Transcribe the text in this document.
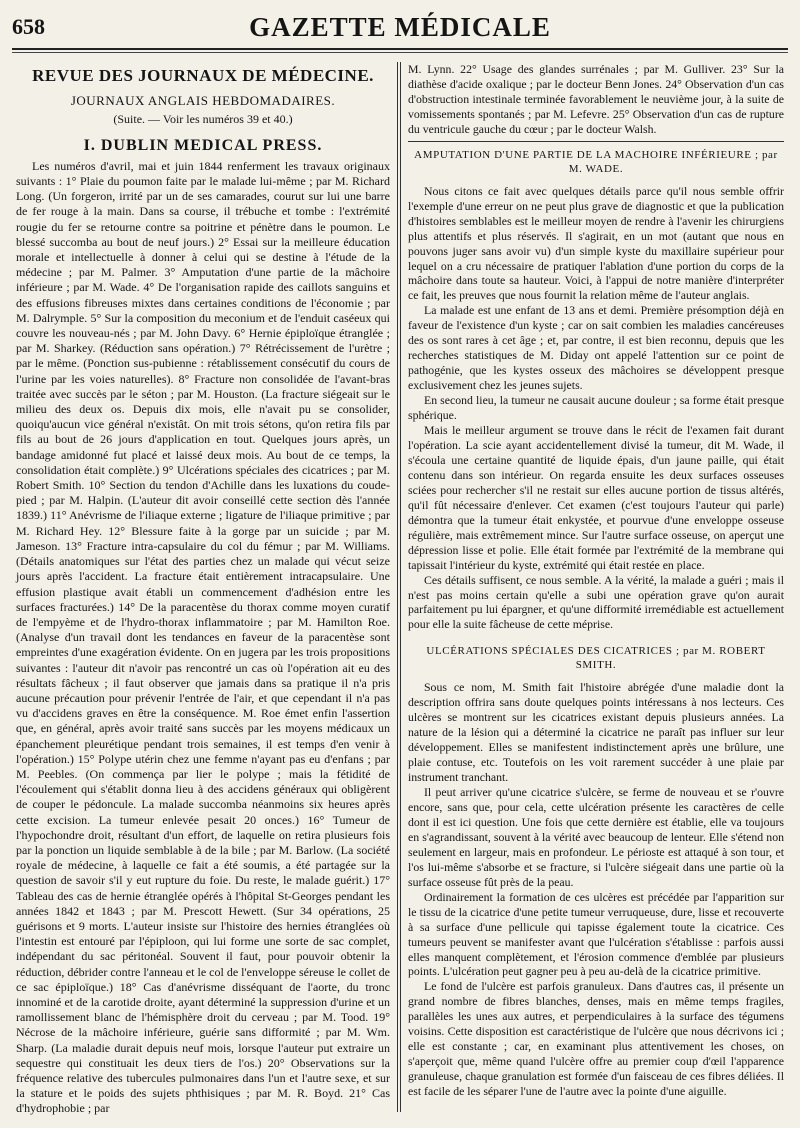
658	GAZETTE MÉDICALE
REVUE DES JOURNAUX DE MÉDECINE.
JOURNAUX ANGLAIS HEBDOMADAIRES.
(Suite. — Voir les numéros 39 et 40.)
I. DUBLIN MEDICAL PRESS.

Les numéros d'avril, mai et juin 1844 renferment les travaux originaux suivants : 1° Plaie du poumon faite par le malade lui-même ; par M. Richard Long. (Un forgeron, irrité par un de ses camarades, courut sur lui une barre de fer rouge à la main. Dans sa course, il trébuche et tombe : l'extrémité rougie du fer se retourne contre sa poitrine et pénètre dans le poumon. Le blessé succomba au bout de neuf jours.) 2° Essai sur la meilleure éducation morale et intellectuelle à donner à celui qui se destine à l'étude de la médecine ; par M. Palmer. 3° Amputation d'une partie de la mâchoire inférieure ; par M. Wade. 4° De l'organisation rapide des caillots sanguins et des effusions fibreuses mixtes dans certaines conditions de l'économie ; par M. Dalrymple. 5° Sur la composition du meconium et de l'enduit caséeux qui couvre les nouveau-nés ; par M. John Davy. 6° Hernie épiploïque étranglée ; par M. Sharkey. (Réduction sans opération.) 7° Rétrécissement de l'urètre ; par le même. (Ponction sus-pubienne : rétablissement consécutif du cours de l'urine par les voies naturelles). 8° Fracture non consolidée de l'avant-bras traitée avec succès par le séton ; par M. Houston. (La fracture siégeait sur le milieu des deux os. Depuis dix mois, elle n'avait pu se consolider, quoiqu'aucun vice général n'existât. On mit trois sétons, qu'on retira fils par fils au bout de 26 jours d'application en tout. Quelques jours après, un bandage amidonné fut placé et laissé deux mois. Au bout de ce temps, la consolidation était complète.) 9° Ulcérations spéciales des cicatrices ; par M. Robert Smith. 10° Section du tendon d'Achille dans les luxations du coude-pied ; par M. Halpin. (L'auteur dit avoir conseillé cette section dès l'année 1839.) 11° Anévrisme de l'iliaque externe ; ligature de l'iliaque primitive ; par M. Richard Hey. 12° Blessure faite à la gorge par un suicide ; par M. Jameson. 13° Fracture intra-capsulaire du col du fémur ; par M. Williams. (Détails anatomiques sur l'état des parties chez un malade qui vécut seize jours après l'accident. La fracture était entièrement intracapsulaire. Une effusion plastique avait établi un commencement d'adhésion entre les surfaces fracturées.) 14° De la paracentèse du thorax comme moyen curatif de l'empyème et de l'hydro-thorax inflammatoire ; par M. Hamilton Roe. (Analyse d'un travail dont les tendances en faveur de la paracentèse sont empreintes d'une exagération évidente. On en jugera par les trois propositions suivantes : l'auteur dit n'avoir pas rencontré un cas où l'opération ait eu des résultats fâcheux ; il faut observer que jamais dans sa pratique il n'a pris aucune précaution pour prévenir l'entrée de l'air, et que cependant il n'a pas vu d'accidens graves en être la conséquence. M. Roe émet enfin l'assertion que, en général, après avoir traité sans succès par les moyens médicaux un épanchement pleurétique pendant trois semaines, il est temps d'en venir à l'opération.) 15° Polype utérin chez une femme n'ayant pas eu d'enfans ; par M. Peebles. (On commença par lier le polype ; mais la fétidité de l'écoulement qui s'établit donna lieu à des accidens généraux qui obligèrent de couper le pédoncule. La malade succomba néanmoins six heures après cette excision. La tumeur enlevée pesait 20 onces.) 16° Tumeur de l'hypochondre droit, résultant d'un effort, de laquelle on retira plusieurs fois par la ponction un liquide semblable à de la bile ; par M. Barlow. (La société royale de médecine, à laquelle ce fait a été soumis, a été partagée sur la question de savoir s'il y eut rupture du foie. Du reste, le malade guérit.) 17° Tableau des cas de hernie étranglée opérés à l'hôpital St-Georges pendant les années 1842 et 1843 ; par M. Prescott Hewett. (Sur 34 opérations, 25 guérisons et 9 morts. L'auteur insiste sur l'histoire des hernies étranglées où l'intestin est entouré par l'épiploon, qui lui forme une sorte de sac complet, indépendant du sac péritonéal. Souvent il faut, pour pouvoir obtenir la réduction, débrider contre l'anneau et le col de l'enveloppe séreuse le collet de ce sac épiploïque.) 18° Cas d'anévrisme disséquant de l'aorte, du tronc innominé et de la carotide droite, ayant déterminé la suppression d'urine et un ramollissement blanc de l'hémisphère droit du cerveau ; par M. Tood. 19° Nécrose de la mâchoire inférieure, guérie sans difformité ; par M. Wm. Sharp. (La maladie durait depuis neuf mois, lorsque l'auteur put extraire un sequestre qui constituait les deux tiers de l'os.) 20° Observations sur la fréquence relative des tubercules pulmonaires dans l'un et l'autre sexe, et sur la stature et le poids des sujets phthisiques ; par M. R. Boyd. 21° Cas d'hydrophobie ; par

M. Lynn. 22° Usage des glandes surrénales ; par M. Gulliver. 23° Sur la diathèse d'acide oxalique ; par le docteur Benn Jones. 24° Observation d'un cas d'obstruction intestinale terminée favorablement le neuvième jour, à la suite de vomissements spontanés ; par M. Lefevre. 25° Observation d'un cas de rupture du ventricule gauche du cœur ; par le docteur Walsh.

AMPUTATION D'UNE PARTIE DE LA MACHOIRE INFÉRIEURE ; par M. WADE.

Nous citons ce fait avec quelques détails parce qu'il nous semble offrir l'exemple d'une erreur on ne peut plus grave de diagnostic et que la publication d'histoires semblables est le meilleur moyen de rendre à l'avenir les chirurgiens plus attentifs et plus réservés. Il s'agirait, en un mot (autant que nous en pouvons juger sans avoir vu) d'un simple kyste du maxillaire supérieur pour lequel on a cru nécessaire de pratiquer l'ablation d'une portion du corps de la mâchoire dans toute sa hauteur. Voici, à l'appui de notre manière d'interpréter ce fait, les preuves que nous fournit la relation même de l'auteur anglais.

La malade est une enfant de 13 ans et demi. Première présomption déjà en faveur de l'existence d'un kyste ; car on sait combien les maladies cancéreuses des os sont rares à cet âge ; et, par contre, il est bien reconnu, depuis que les recherches statistiques de M. Diday ont appelé l'attention sur ce point de pathogénie, que les kystes osseux des mâchoires se développent presque exclusivement chez les jeunes sujets.

En second lieu, la tumeur ne causait aucune douleur ; sa forme était presque sphérique.

Mais le meilleur argument se trouve dans le récit de l'examen fait durant l'opération. La scie ayant accidentellement divisé la tumeur, dit M. Wade, il s'écoula une certaine quantité de liquide épais, d'un jaune paille, qui était contenu dans son intérieur. On regarda ensuite les deux surfaces osseuses sciées pour rechercher s'il ne restait sur elles aucune portion de tissus altérés, qu'il fût nécessaire d'enlever. Cet examen (c'est toujours l'auteur qui parle) démontra que la tumeur était enkystée, et pourvue d'une enveloppe osseuse régulière, mais extrêmement mince. Sur l'autre surface osseuse, on aperçut une dépression lisse et polie. Elle était formée par l'extrémité de la membrane qui tapissait l'intérieur du kyste, extrémité qui était restée en place.

Ces détails suffisent, ce nous semble. A la vérité, la malade a guéri ; mais il n'est pas moins certain qu'elle a subi une opération grave qu'on aurait parfaitement pu lui épargner, et qu'une difformité irremédiable est actuellement pour elle la suite fâcheuse de cette méprise.

ULCÉRATIONS SPÉCIALES DES CICATRICES ; par M. ROBERT SMITH.

Sous ce nom, M. Smith fait l'histoire abrégée d'une maladie dont la description offrira sans doute quelques points intéressans à nos lecteurs. Ces ulcères se montrent sur les cicatrices existant depuis plusieurs années. La nature de la lésion qui a déterminé la cicatrice ne paraît pas influer sur leur développement. Elles se manifestent indistinctement après une brûlure, une plaie contuse, etc. Toutefois on les voit rarement succéder à une plaie par instrument tranchant.

Il peut arriver qu'une cicatrice s'ulcère, se ferme de nouveau et se r'ouvre encore, sans que, pour cela, cette ulcération présente les caractères de celle dont il est ici question. Une fois que cette dernière est établie, elle va toujours en s'agrandissant, souvent à la vérité avec beaucoup de lenteur. Elle s'étend non seulement en largeur, mais en profondeur. Le périoste est attaqué à son tour, et l'os lui-même s'absorbe et se fracture, si l'ulcère siégeait dans une partie où la surface osseuse fût près de la peau.

Ordinairement la formation de ces ulcères est précédée par l'apparition sur le tissu de la cicatrice d'une petite tumeur verruqueuse, dure, lisse et recouverte à sa surface d'une pellicule qui tapisse également toute la cicatrice. Ces tumeurs peuvent se manifester avant que l'ulcération s'établisse : parfois aussi elles manquent complètement, et l'érosion commence d'emblée par plusieurs points. L'ulcération peut gagner peu à peu au-delà de la cicatrice primitive.

Le fond de l'ulcère est parfois granuleux. Dans d'autres cas, il présente un grand nombre de fibres blanches, denses, mais en même temps fragiles, parallèles les unes aux autres, et perpendiculaires à la surface des tégumens voisins. Cette disposition est caractéristique de l'ulcère que nous décrivons ici ; elle est constante ; car, en examinant plus attentivement les choses, on s'aperçoit que, même quand l'ulcère offre au premier coup d'œil l'apparence granuleuse, chaque granulation est formée d'un faisceau de ces fibres déliées. Il est facile de les séparer l'une de l'autre avec la pointe d'une aiguille.
